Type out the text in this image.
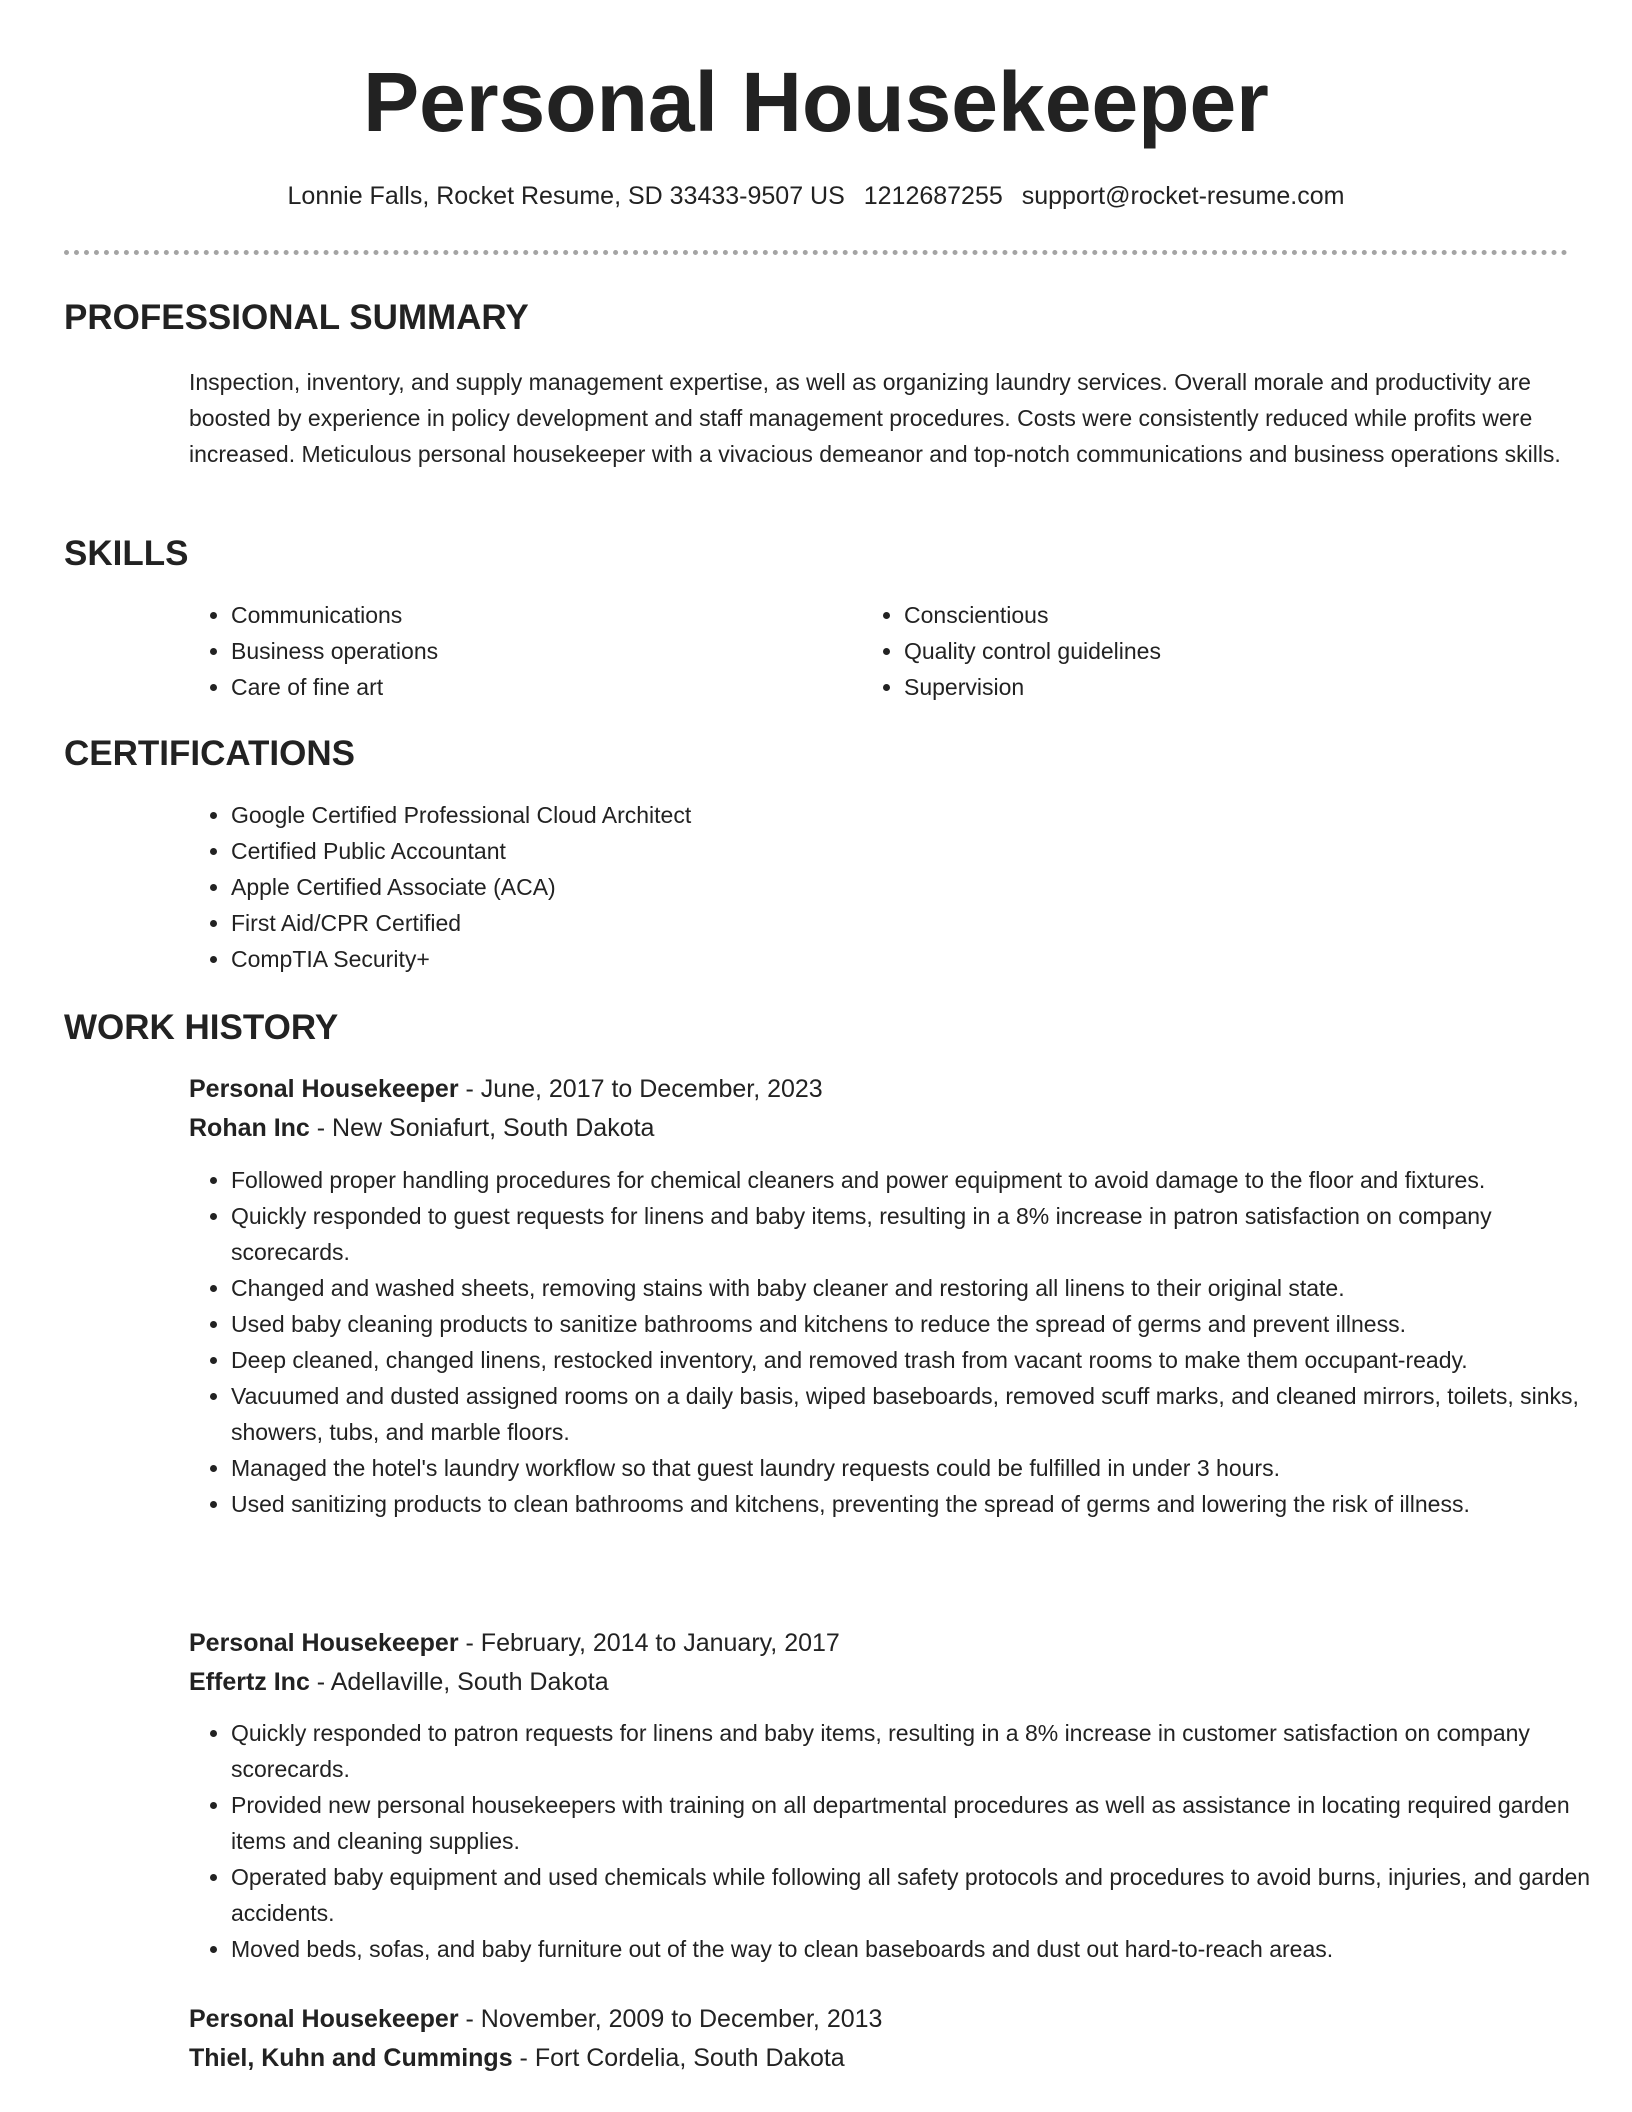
Personal Housekeeper
Lonnie Falls, Rocket Resume, SD 33433-9507 US 1212687255 support@rocket-resume.com
PROFESSIONAL SUMMARY

Inspection, inventory, and supply management expertise, as well as organizing laundry services. Overall morale and productivity are boosted by experience in policy development and staff management procedures. Costs were consistently reduced while profits were increased. Meticulous personal housekeeper with a vivacious demeanor and top-notch communications and business operations skills.

SKILLS
• Communications
• Business operations
• Care of fine art
• Conscientious
• Quality control guidelines
• Supervision
CERTIFICATIONS
• Google Certified Professional Cloud Architect
• Certified Public Accountant
• Apple Certified Associate (ACA)
• First Aid/CPR Certified
• CompTIA Security+
WORK HISTORY
Personal Housekeeper - June, 2017 to December, 2023
Rohan Inc - New Soniafurt, South Dakota
• Followed proper handling procedures for chemical cleaners and power equipment to avoid damage to the floor and fixtures.
• Quickly responded to guest requests for linens and baby items, resulting in a 8% increase in patron satisfaction on company scorecards.
• Changed and washed sheets, removing stains with baby cleaner and restoring all linens to their original state.
• Used baby cleaning products to sanitize bathrooms and kitchens to reduce the spread of germs and prevent illness.
• Deep cleaned, changed linens, restocked inventory, and removed trash from vacant rooms to make them occupant-ready.
• Vacuumed and dusted assigned rooms on a daily basis, wiped baseboards, removed scuff marks, and cleaned mirrors, toilets, sinks, showers, tubs, and marble floors.
• Managed the hotel's laundry workflow so that guest laundry requests could be fulfilled in under 3 hours.
• Used sanitizing products to clean bathrooms and kitchens, preventing the spread of germs and lowering the risk of illness.
Personal Housekeeper - February, 2014 to January, 2017
Effertz Inc - Adellaville, South Dakota
• Quickly responded to patron requests for linens and baby items, resulting in a 8% increase in customer satisfaction on company scorecards.
• Provided new personal housekeepers with training on all departmental procedures as well as assistance in locating required garden items and cleaning supplies.
• Operated baby equipment and used chemicals while following all safety protocols and procedures to avoid burns, injuries, and garden accidents.
• Moved beds, sofas, and baby furniture out of the way to clean baseboards and dust out hard-to-reach areas.
Personal Housekeeper - November, 2009 to December, 2013
Thiel, Kuhn and Cummings - Fort Cordelia, South Dakota
